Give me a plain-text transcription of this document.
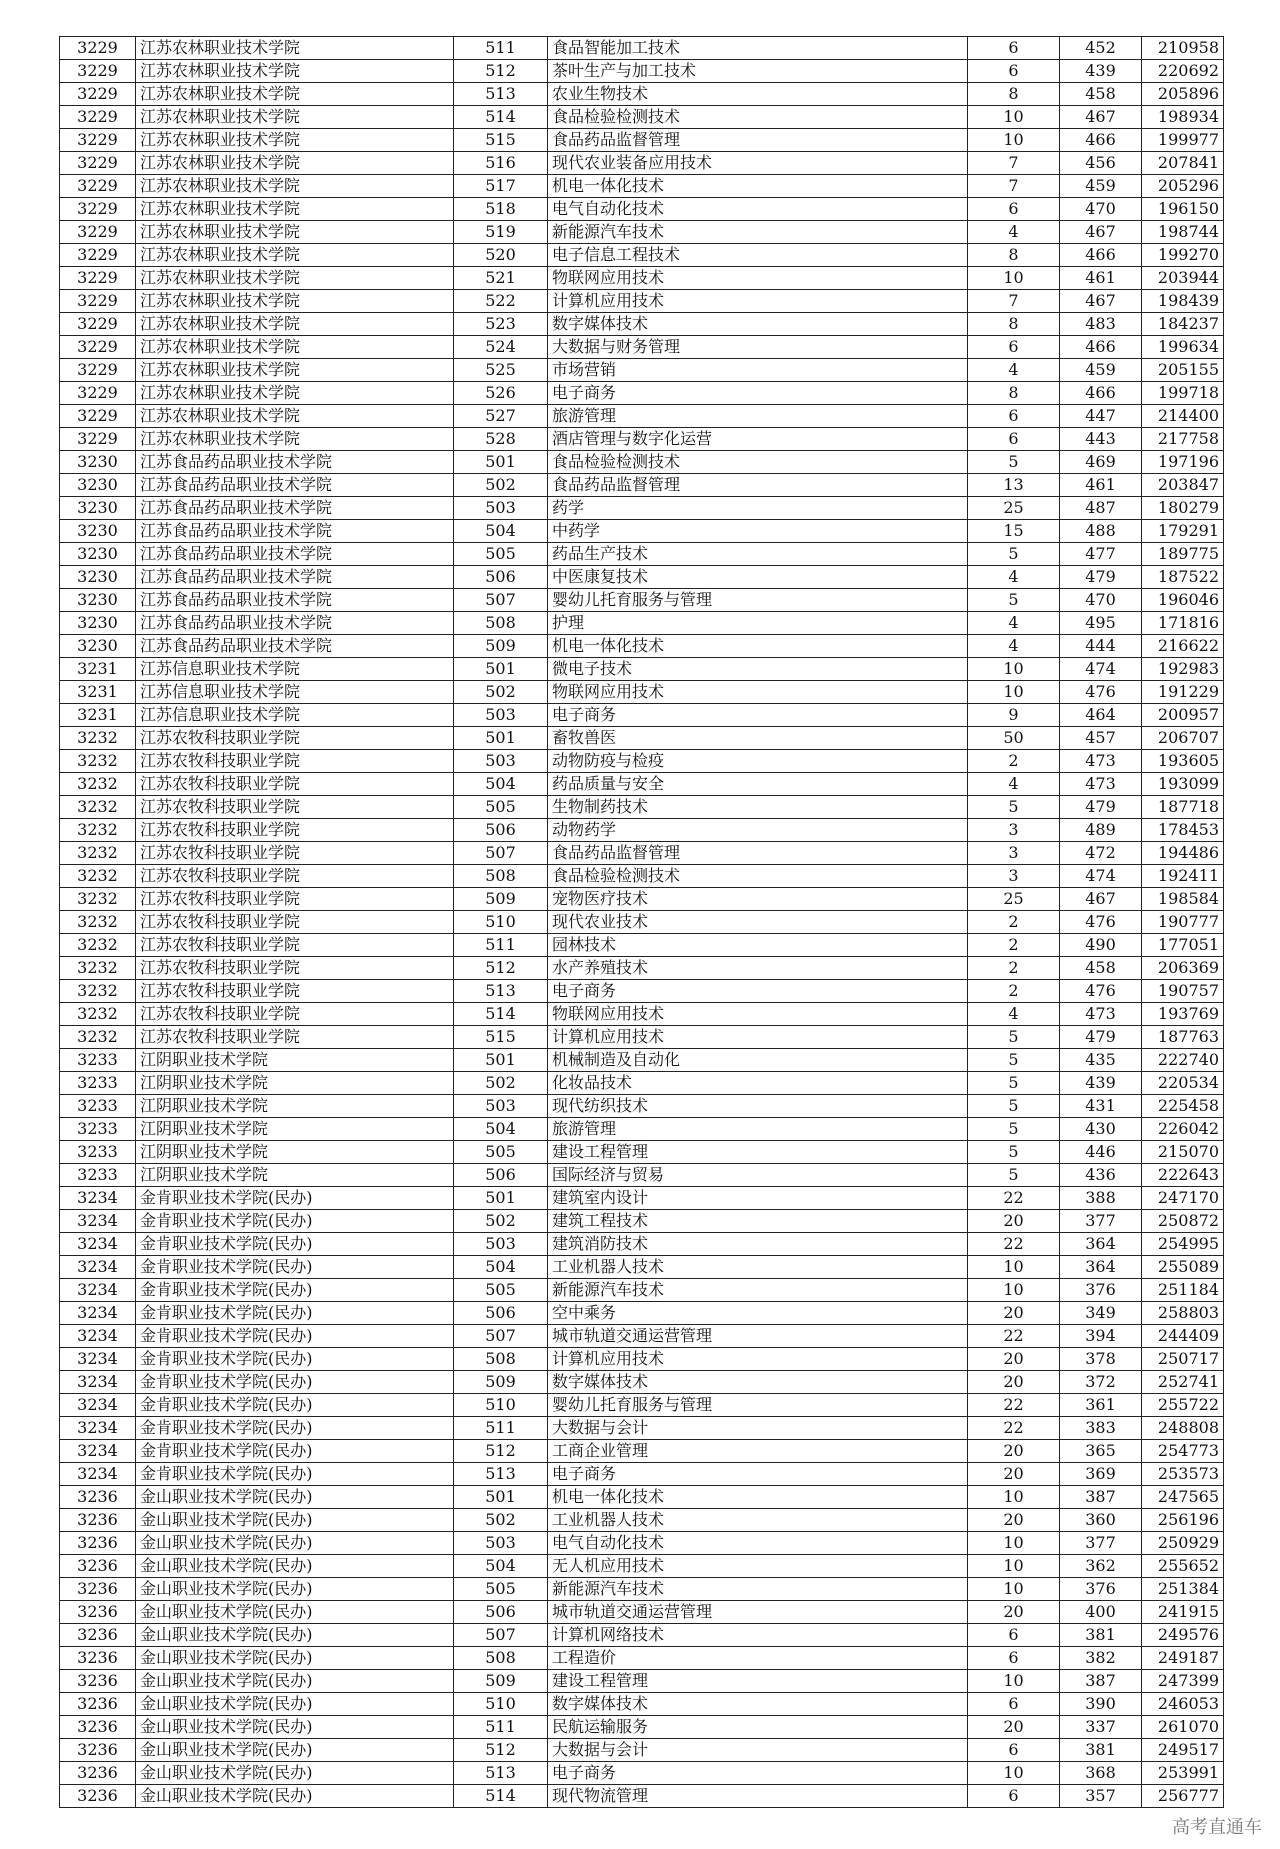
3229	江苏农林职业技术学院	511	食品智能加工技术	6	452	210958
3229	江苏农林职业技术学院	512	茶叶生产与加工技术	6	439	220692
3229	江苏农林职业技术学院	513	农业生物技术	8	458	205896
3229	江苏农林职业技术学院	514	食品检验检测技术	10	467	198934
3229	江苏农林职业技术学院	515	食品药品监督管理	10	466	199977
3229	江苏农林职业技术学院	516	现代农业装备应用技术	7	456	207841
3229	江苏农林职业技术学院	517	机电一体化技术	7	459	205296
3229	江苏农林职业技术学院	518	电气自动化技术	6	470	196150
3229	江苏农林职业技术学院	519	新能源汽车技术	4	467	198744
3229	江苏农林职业技术学院	520	电子信息工程技术	8	466	199270
3229	江苏农林职业技术学院	521	物联网应用技术	10	461	203944
3229	江苏农林职业技术学院	522	计算机应用技术	7	467	198439
3229	江苏农林职业技术学院	523	数字媒体技术	8	483	184237
3229	江苏农林职业技术学院	524	大数据与财务管理	6	466	199634
3229	江苏农林职业技术学院	525	市场营销	4	459	205155
3229	江苏农林职业技术学院	526	电子商务	8	466	199718
3229	江苏农林职业技术学院	527	旅游管理	6	447	214400
3229	江苏农林职业技术学院	528	酒店管理与数字化运营	6	443	217758
3230	江苏食品药品职业技术学院	501	食品检验检测技术	5	469	197196
3230	江苏食品药品职业技术学院	502	食品药品监督管理	13	461	203847
3230	江苏食品药品职业技术学院	503	药学	25	487	180279
3230	江苏食品药品职业技术学院	504	中药学	15	488	179291
3230	江苏食品药品职业技术学院	505	药品生产技术	5	477	189775
3230	江苏食品药品职业技术学院	506	中医康复技术	4	479	187522
3230	江苏食品药品职业技术学院	507	婴幼儿托育服务与管理	5	470	196046
3230	江苏食品药品职业技术学院	508	护理	4	495	171816
3230	江苏食品药品职业技术学院	509	机电一体化技术	4	444	216622
3231	江苏信息职业技术学院	501	微电子技术	10	474	192983
3231	江苏信息职业技术学院	502	物联网应用技术	10	476	191229
3231	江苏信息职业技术学院	503	电子商务	9	464	200957
3232	江苏农牧科技职业学院	501	畜牧兽医	50	457	206707
3232	江苏农牧科技职业学院	503	动物防疫与检疫	2	473	193605
3232	江苏农牧科技职业学院	504	药品质量与安全	4	473	193099
3232	江苏农牧科技职业学院	505	生物制药技术	5	479	187718
3232	江苏农牧科技职业学院	506	动物药学	3	489	178453
3232	江苏农牧科技职业学院	507	食品药品监督管理	3	472	194486
3232	江苏农牧科技职业学院	508	食品检验检测技术	3	474	192411
3232	江苏农牧科技职业学院	509	宠物医疗技术	25	467	198584
3232	江苏农牧科技职业学院	510	现代农业技术	2	476	190777
3232	江苏农牧科技职业学院	511	园林技术	2	490	177051
3232	江苏农牧科技职业学院	512	水产养殖技术	2	458	206369
3232	江苏农牧科技职业学院	513	电子商务	2	476	190757
3232	江苏农牧科技职业学院	514	物联网应用技术	4	473	193769
3232	江苏农牧科技职业学院	515	计算机应用技术	5	479	187763
3233	江阴职业技术学院	501	机械制造及自动化	5	435	222740
3233	江阴职业技术学院	502	化妆品技术	5	439	220534
3233	江阴职业技术学院	503	现代纺织技术	5	431	225458
3233	江阴职业技术学院	504	旅游管理	5	430	226042
3233	江阴职业技术学院	505	建设工程管理	5	446	215070
3233	江阴职业技术学院	506	国际经济与贸易	5	436	222643
3234	金肯职业技术学院(民办)	501	建筑室内设计	22	388	247170
3234	金肯职业技术学院(民办)	502	建筑工程技术	20	377	250872
3234	金肯职业技术学院(民办)	503	建筑消防技术	22	364	254995
3234	金肯职业技术学院(民办)	504	工业机器人技术	10	364	255089
3234	金肯职业技术学院(民办)	505	新能源汽车技术	10	376	251184
3234	金肯职业技术学院(民办)	506	空中乘务	20	349	258803
3234	金肯职业技术学院(民办)	507	城市轨道交通运营管理	22	394	244409
3234	金肯职业技术学院(民办)	508	计算机应用技术	20	378	250717
3234	金肯职业技术学院(民办)	509	数字媒体技术	20	372	252741
3234	金肯职业技术学院(民办)	510	婴幼儿托育服务与管理	22	361	255722
3234	金肯职业技术学院(民办)	511	大数据与会计	22	383	248808
3234	金肯职业技术学院(民办)	512	工商企业管理	20	365	254773
3234	金肯职业技术学院(民办)	513	电子商务	20	369	253573
3236	金山职业技术学院(民办)	501	机电一体化技术	10	387	247565
3236	金山职业技术学院(民办)	502	工业机器人技术	20	360	256196
3236	金山职业技术学院(民办)	503	电气自动化技术	10	377	250929
3236	金山职业技术学院(民办)	504	无人机应用技术	10	362	255652
3236	金山职业技术学院(民办)	505	新能源汽车技术	10	376	251384
3236	金山职业技术学院(民办)	506	城市轨道交通运营管理	20	400	241915
3236	金山职业技术学院(民办)	507	计算机网络技术	6	381	249576
3236	金山职业技术学院(民办)	508	工程造价	6	382	249187
3236	金山职业技术学院(民办)	509	建设工程管理	10	387	247399
3236	金山职业技术学院(民办)	510	数字媒体技术	6	390	246053
3236	金山职业技术学院(民办)	511	民航运输服务	20	337	261070
3236	金山职业技术学院(民办)	512	大数据与会计	6	381	249517
3236	金山职业技术学院(民办)	513	电子商务	10	368	253991
3236	金山职业技术学院(民办)	514	现代物流管理	6	357	256777
高考直通车
